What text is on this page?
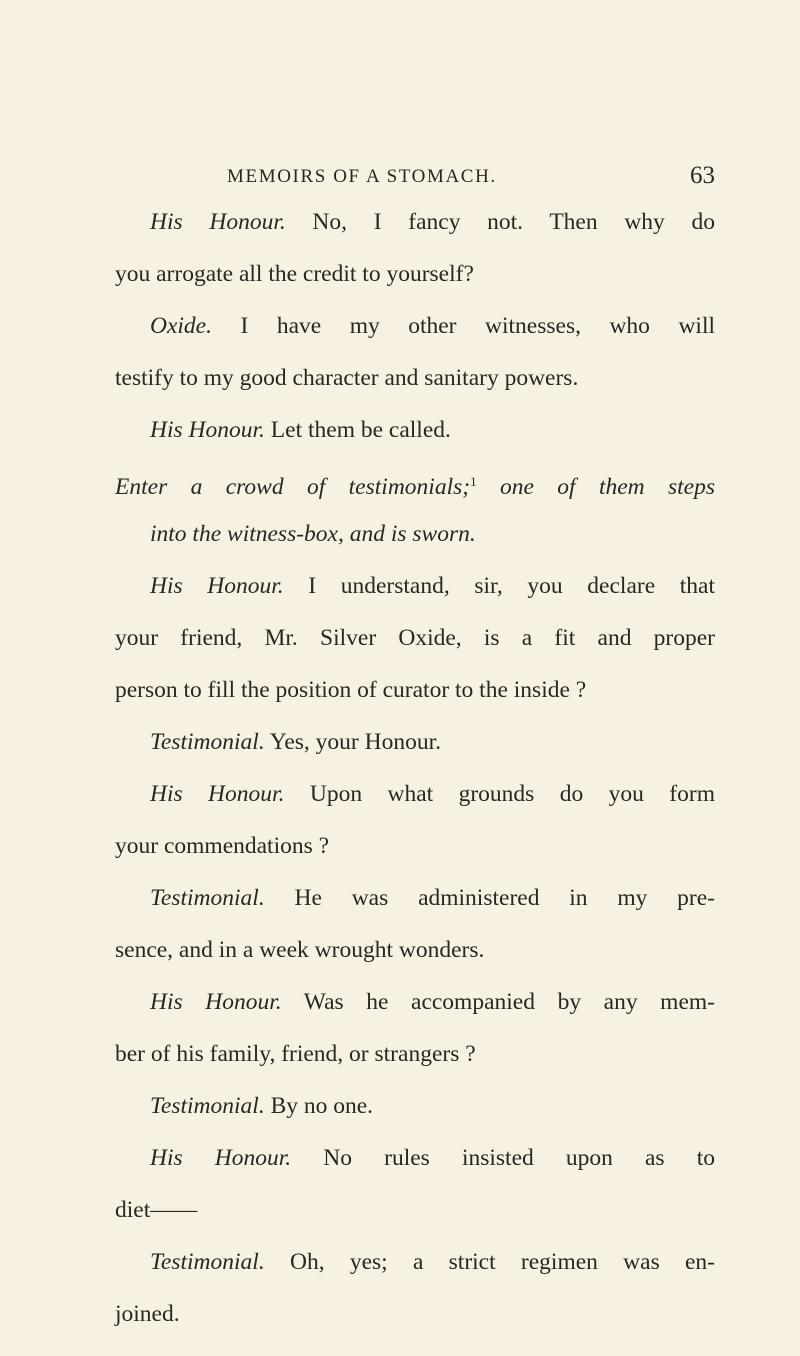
MEMOIRS OF A STOMACH.	63
His Honour. No, I fancy not. Then why do
you arrogate all the credit to yourself?
Oxide. I have my other witnesses, who will
testify to my good character and sanitary powers.
His Honour. Let them be called.
Enter a crowd of testimonials;$^1$ one of them steps
into the witness-box, and is sworn.
His Honour. I understand, sir, you declare that
your friend, Mr. Silver Oxide, is a fit and proper
person to fill the position of curator to the inside ?
Testimonial. Yes, your Honour.
His Honour. Upon what grounds do you form
your commendations ?
Testimonial. He was administered in my pre-
sence, and in a week wrought wonders.
His Honour. Was he accompanied by any mem-
ber of his family, friend, or strangers ?
Testimonial. By no one.
His Honour. No rules insisted upon as to
diet——
Testimonial. Oh, yes; a strict regimen was en-
joined.
